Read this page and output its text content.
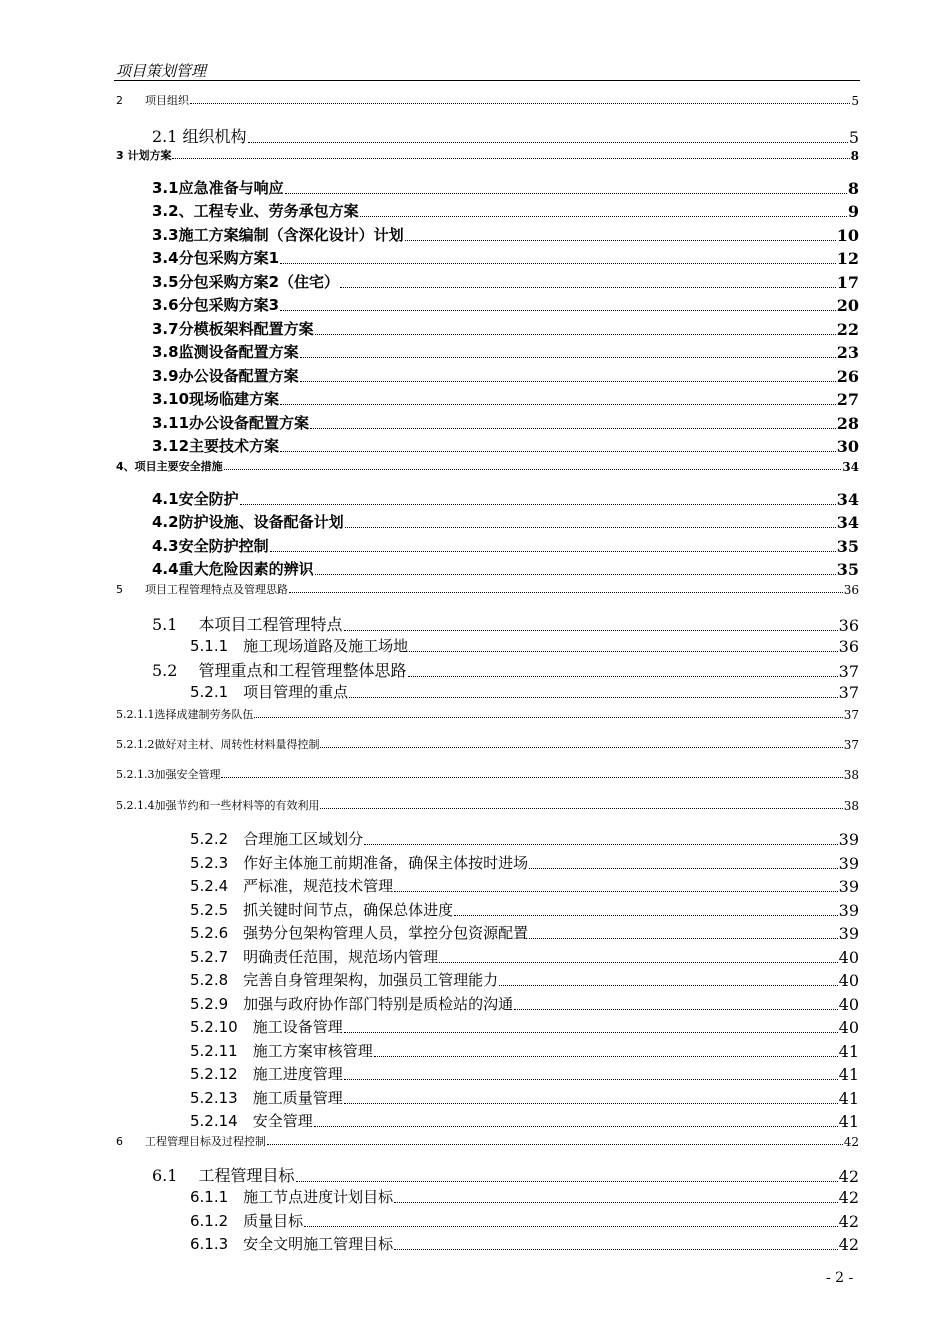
项目策划管理
2　　项目组织	5
2.1 组织机构	5
3 计划方案	8
3.1应急准备与响应	8
3.2、工程专业、劳务承包方案	9
3.3施工方案编制（含深化设计）计划	10
3.4分包采购方案1	12
3.5分包采购方案2（住宅）	17
3.6分包采购方案3	20
3.7分模板架料配置方案	22
3.8监测设备配置方案	23
3.9办公设备配置方案	26
3.10现场临建方案	27
3.11办公设备配置方案	28
3.12主要技术方案	30
4、项目主要安全措施	34
4.1安全防护	34
4.2防护设施、设备配备计划	34
4.3安全防护控制	35
4.4重大危险因素的辨识	35
5　　项目工程管理特点及管理思路	36
5.1　 本项目工程管理特点	36
5.1.1　施工现场道路及施工场地	36
5.2　 管理重点和工程管理整体思路	37
5.2.1　项目管理的重点	37
5.2.1.1选择成建制劳务队伍	37
5.2.1.2做好对主材、周转性材料量得控制	37
5.2.1.3加强安全管理	38
5.2.1.4加强节约和一些材料等的有效利用	38
5.2.2　合理施工区域划分	39
5.2.3　作好主体施工前期准备，确保主体按时进场	39
5.2.4　严标准，规范技术管理	39
5.2.5　抓关键时间节点，确保总体进度	39
5.2.6　强势分包架构管理人员，掌控分包资源配置	39
5.2.7　明确责任范围，规范场内管理	40
5.2.8　完善自身管理架构，加强员工管理能力	40
5.2.9　加强与政府协作部门特别是质检站的沟通	40
5.2.10　施工设备管理	40
5.2.11　施工方案审核管理	41
5.2.12　施工进度管理	41
5.2.13　施工质量管理	41
5.2.14　安全管理	41
6　　工程管理目标及过程控制	42
6.1　 工程管理目标	42
6.1.1　施工节点进度计划目标	42
6.1.2　质量目标	42
6.1.3　安全文明施工管理目标	42
- 2 -
